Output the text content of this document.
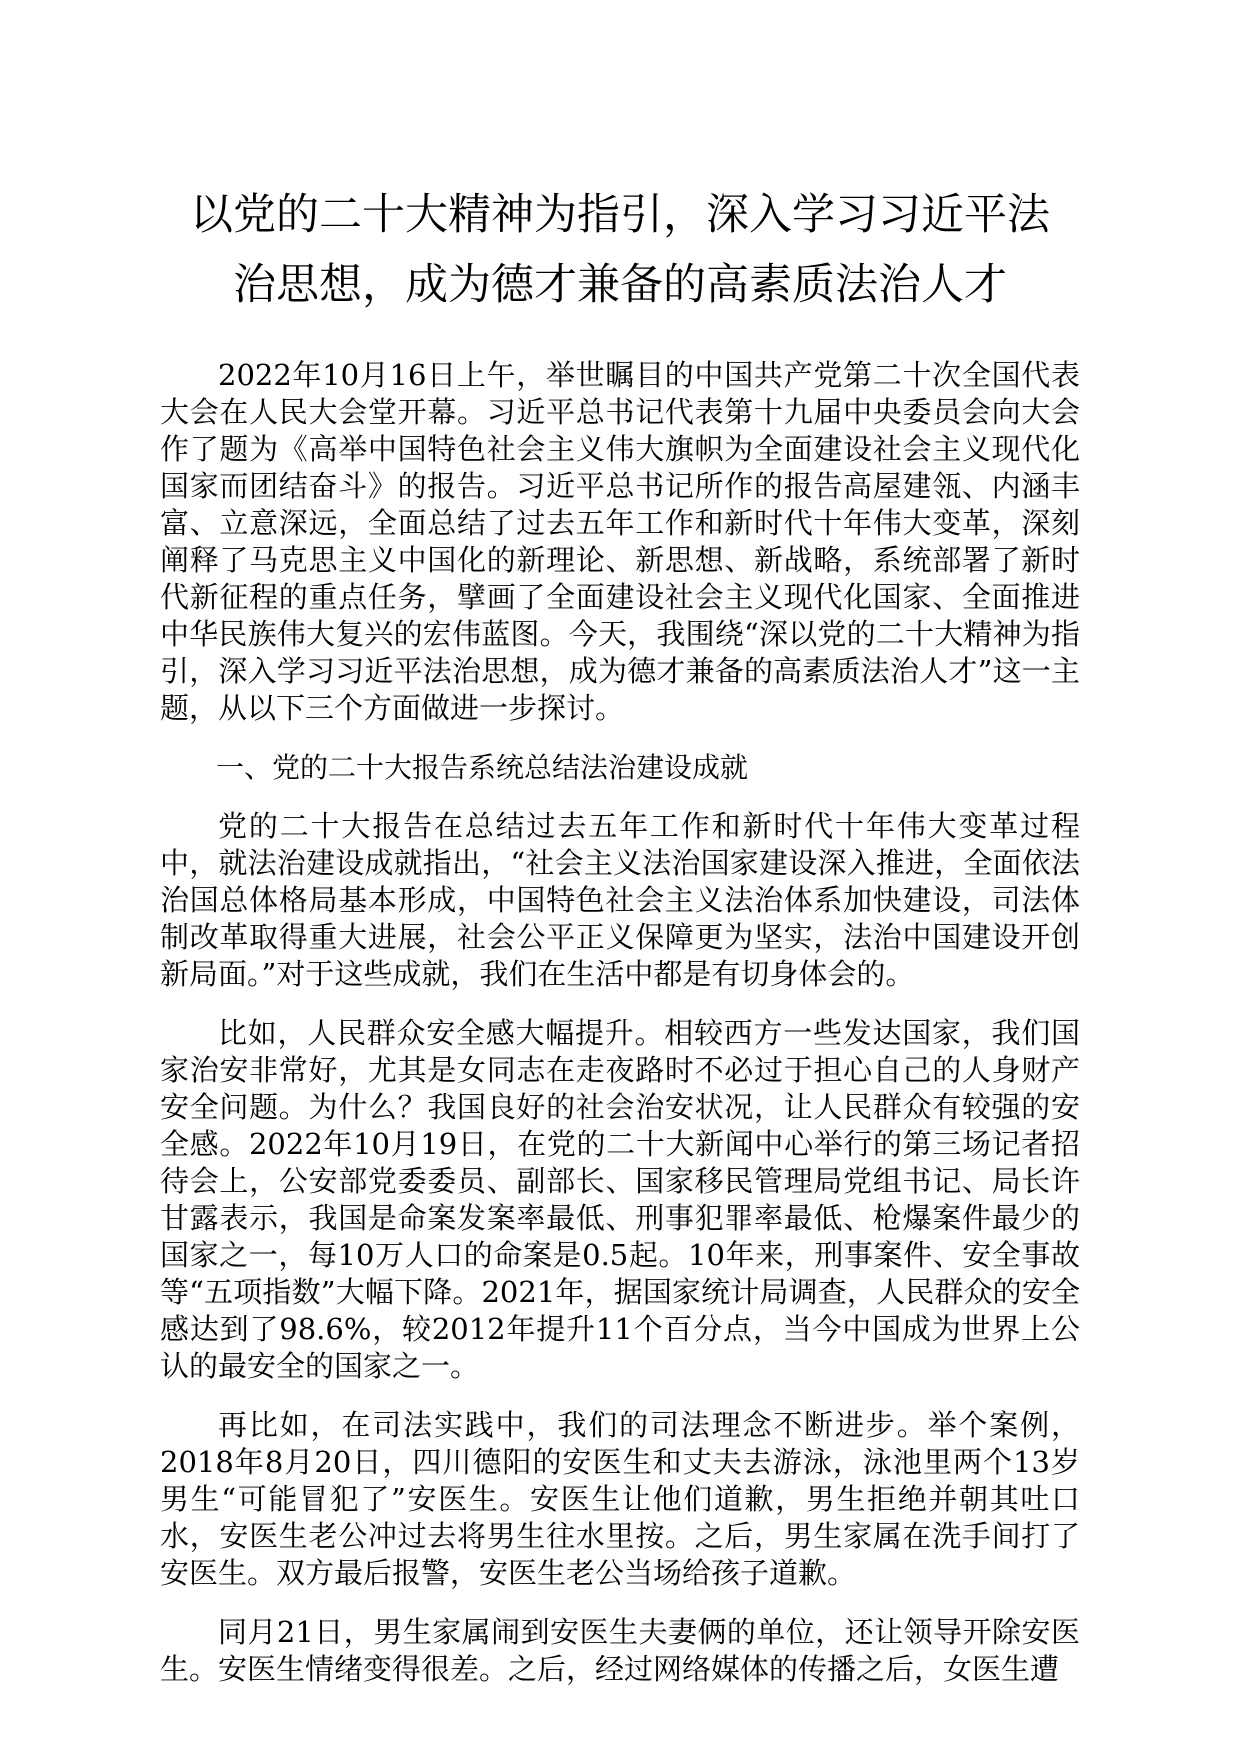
以党的二十大精神为指引，深入学习习近平法
治思想，成为德才兼备的高素质法治人才

2022年10月16日上午，举世瞩目的中国共产党第二十次全国代表大会在人民大会堂开幕。习近平总书记代表第十九届中央委员会向大会作了题为《高举中国特色社会主义伟大旗帜为全面建设社会主义现代化国家而团结奋斗》的报告。习近平总书记所作的报告高屋建瓴、内涵丰富、立意深远，全面总结了过去五年工作和新时代十年伟大变革，深刻阐释了马克思主义中国化的新理论、新思想、新战略，系统部署了新时代新征程的重点任务，擘画了全面建设社会主义现代化国家、全面推进中华民族伟大复兴的宏伟蓝图。今天，我围绕“深以党的二十大精神为指引，深入学习习近平法治思想，成为德才兼备的高素质法治人才”这一主题，从以下三个方面做进一步探讨。

一、党的二十大报告系统总结法治建设成就

党的二十大报告在总结过去五年工作和新时代十年伟大变革过程中，就法治建设成就指出，“社会主义法治国家建设深入推进，全面依法治国总体格局基本形成，中国特色社会主义法治体系加快建设，司法体制改革取得重大进展，社会公平正义保障更为坚实，法治中国建设开创新局面。”对于这些成就，我们在生活中都是有切身体会的。

比如，人民群众安全感大幅提升。相较西方一些发达国家，我们国家治安非常好，尤其是女同志在走夜路时不必过于担心自己的人身财产安全问题。为什么？我国良好的社会治安状况，让人民群众有较强的安全感。2022年10月19日，在党的二十大新闻中心举行的第三场记者招待会上，公安部党委委员、副部长、国家移民管理局党组书记、局长许甘露表示，我国是命案发案率最低、刑事犯罪率最低、枪爆案件最少的国家之一，每10万人口的命案是0.5起。10年来，刑事案件、安全事故等“五项指数”大幅下降。2021年，据国家统计局调查，人民群众的安全感达到了98.6%，较2012年提升11个百分点，当今中国成为世界上公认的最安全的国家之一。

再比如，在司法实践中，我们的司法理念不断进步。举个案例，2018年8月20日，四川德阳的安医生和丈夫去游泳，泳池里两个13岁男生“可能冒犯了”安医生。安医生让他们道歉，男生拒绝并朝其吐口水，安医生老公冲过去将男生往水里按。之后，男生家属在洗手间打了安医生。双方最后报警，安医生老公当场给孩子道歉。

同月21日，男生家属闹到安医生夫妻俩的单位，还让领导开除安医生。安医生情绪变得很差。之后，经过网络媒体的传播之后，女医生遭
